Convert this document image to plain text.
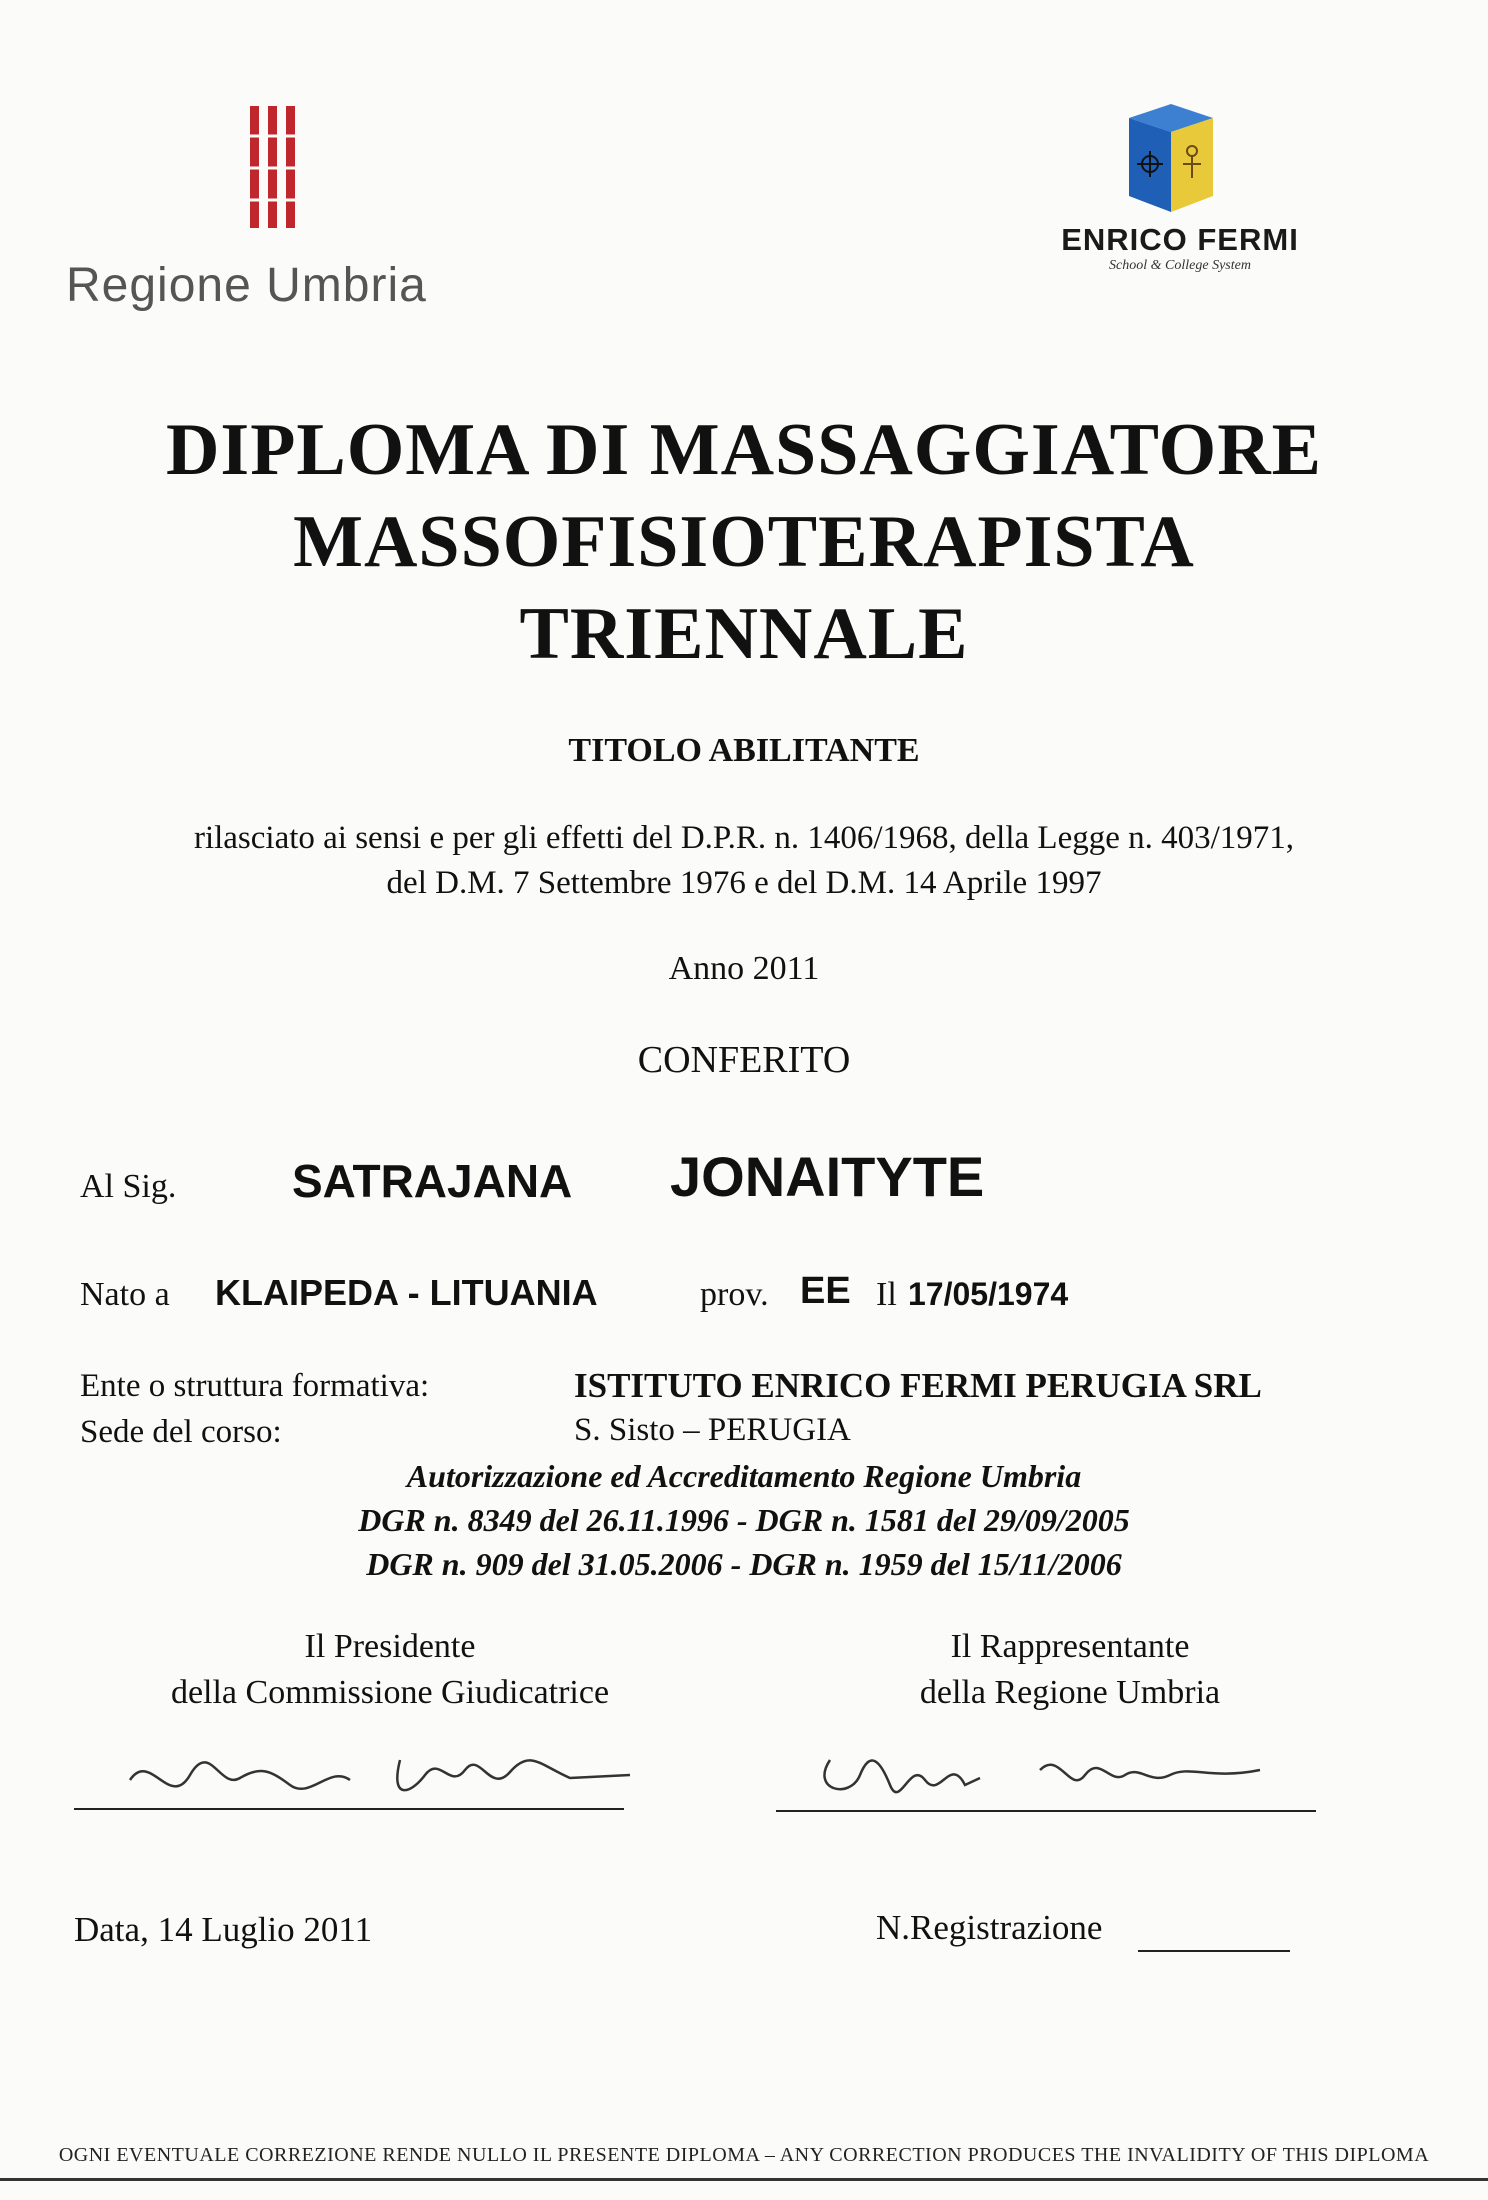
Regione Umbria
ENRICO FERMI
School & College System
DIPLOMA DI MASSAGGIATORE
MASSOFISIOTERAPISTA
TRIENNALE
TITOLO ABILITANTE
rilasciato ai sensi e per gli effetti del D.P.R. n. 1406/1968, della Legge n. 403/1971,
del D.M. 7 Settembre 1976 e del D.M. 14 Aprile 1997
Anno 2011
CONFERITO
Al Sig.	SATRAJANA JONAITYTE
Nato a KLAIPEDA - LITUANIA	prov. EE Il 17/05/1974
Ente o struttura formativa:	ISTITUTO ENRICO FERMI PERUGIA SRL
Sede del corso:	S. Sisto – PERUGIA
Autorizzazione ed Accreditamento Regione Umbria
DGR n. 8349 del 26.11.1996 - DGR n. 1581 del 29/09/2005
DGR n. 909 del 31.05.2006 - DGR n. 1959 del 15/11/2006
Il Presidente
della Commissione Giudicatrice
Il Rappresentante
della Regione Umbria
Data, 14 Luglio 2011	N.Registrazione
OGNI EVENTUALE CORREZIONE RENDE NULLO IL PRESENTE DIPLOMA – ANY CORRECTION PRODUCES THE INVALIDITY OF THIS DIPLOMA
